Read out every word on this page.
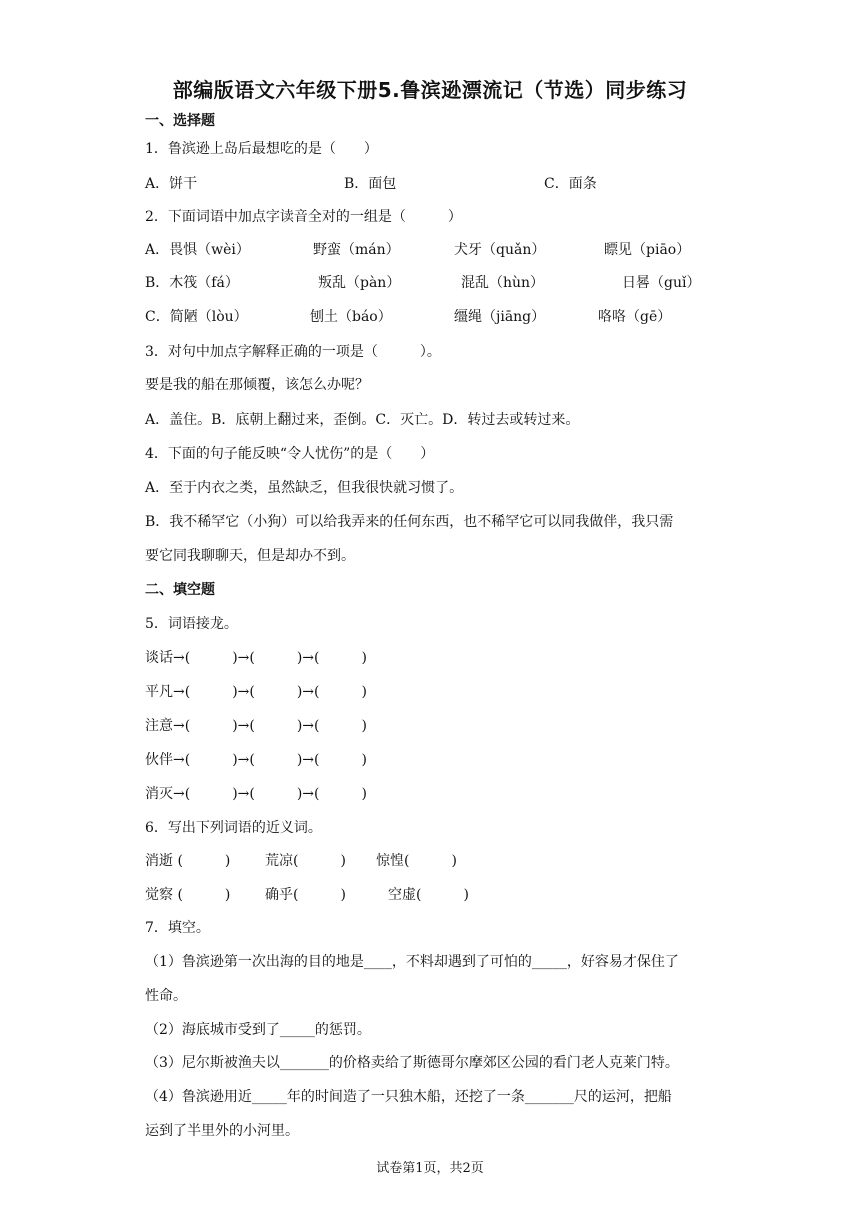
部编版语文六年级下册5.鲁滨逊漂流记（节选）同步练习
一、选择题
1．鲁滨逊上岛后最想吃的是（　　）
A．饼干	B．面包	C．面条
2．下面词语中加点字读音全对的一组是（　　　）
A．畏惧（wèi）	野蛮（mán）	犬牙（quǎn）	瞟见（piāo）
B．木筏（fá）	叛乱（pàn）	混乱（hùn）	日晷（guǐ）
C．简陋（lòu）	刨土（báo）	缰绳（jiāng）	咯咯（gē）
3．对句中加点字解释正确的一项是（　　　）。
要是我的船在那倾覆，该怎么办呢？
A．盖住。B．底朝上翻过来，歪倒。C．灭亡。D．转过去或转过来。
4．下面的句子能反映“令人忧伤”的是（　　）
A．至于内衣之类，虽然缺乏，但我很快就习惯了。
B．我不稀罕它（小狗）可以给我弄来的任何东西，也不稀罕它可以同我做伴，我只需
要它同我聊聊天，但是却办不到。
二、填空题
5．词语接龙。
谈话→(　　　)→(　　　)→(　　　)
平凡→(　　　)→(　　　)→(　　　)
注意→(　　　)→(　　　)→(　　　)
伙伴→(　　　)→(　　　)→(　　　)
消灭→(　　　)→(　　　)→(　　　)
6．写出下列词语的近义词。
消逝 (　　　) 荒凉(　　　) 惊惶(　　　)
觉察 (　　　) 确乎(　　　)	空虚(　　　)
7．填空。
（1）鲁滨逊第一次出海的目的地是____，不料却遇到了可怕的_____，好容易才保住了
性命。
（2）海底城市受到了_____的惩罚。
（3）尼尔斯被渔夫以_______的价格卖给了斯德哥尔摩郊区公园的看门老人克莱门特。
（4）鲁滨逊用近_____年的时间造了一只独木船，还挖了一条_______尺的运河，把船
运到了半里外的小河里。
试卷第1页，共2页
